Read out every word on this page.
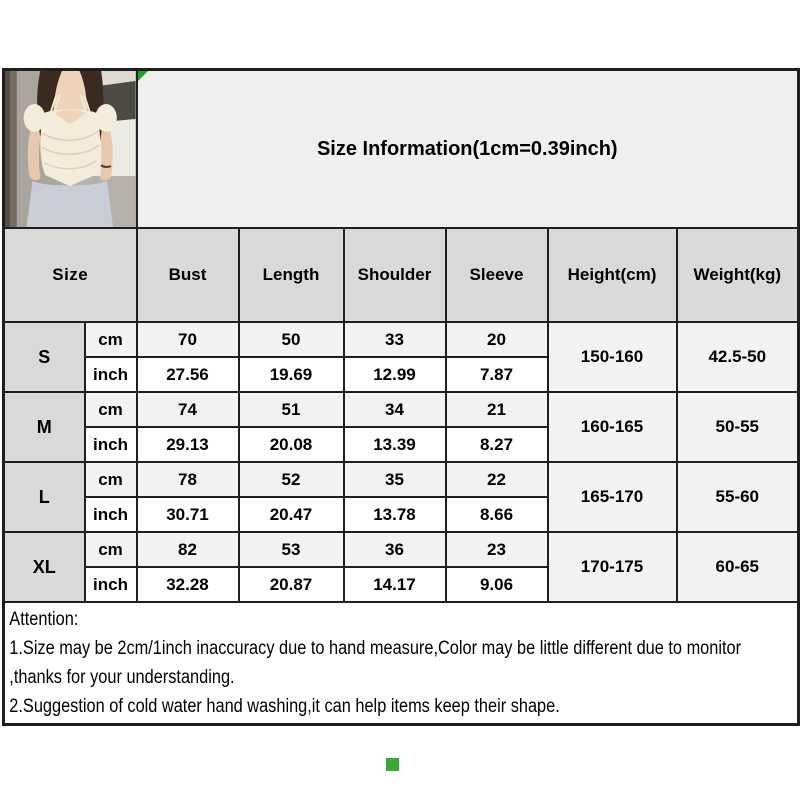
Size Information(1cm=0.39inch)					
Size		Bust	Length	Shoulder	Sleeve	Height(cm)	Weight(kg)
S	cm	70	50	33	20	150-160	42.5-50
	inch	27.56	19.69	12.99	7.87		
M	cm	74	51	34	21	160-165	50-55
	inch	29.13	20.08	13.39	8.27		
L	cm	78	52	35	22	165-170	55-60
	inch	30.71	20.47	13.78	8.66		
XL	cm	82	53	36	23	170-175	60-65
	inch	32.28	20.87	14.17	9.06		

Attention:
1.Size may be 2cm/1inch inaccuracy due to hand measure,Color may be little different due to monitor
,thanks for your understanding.
2.Suggestion of cold water hand washing,it can help items keep their shape.							
